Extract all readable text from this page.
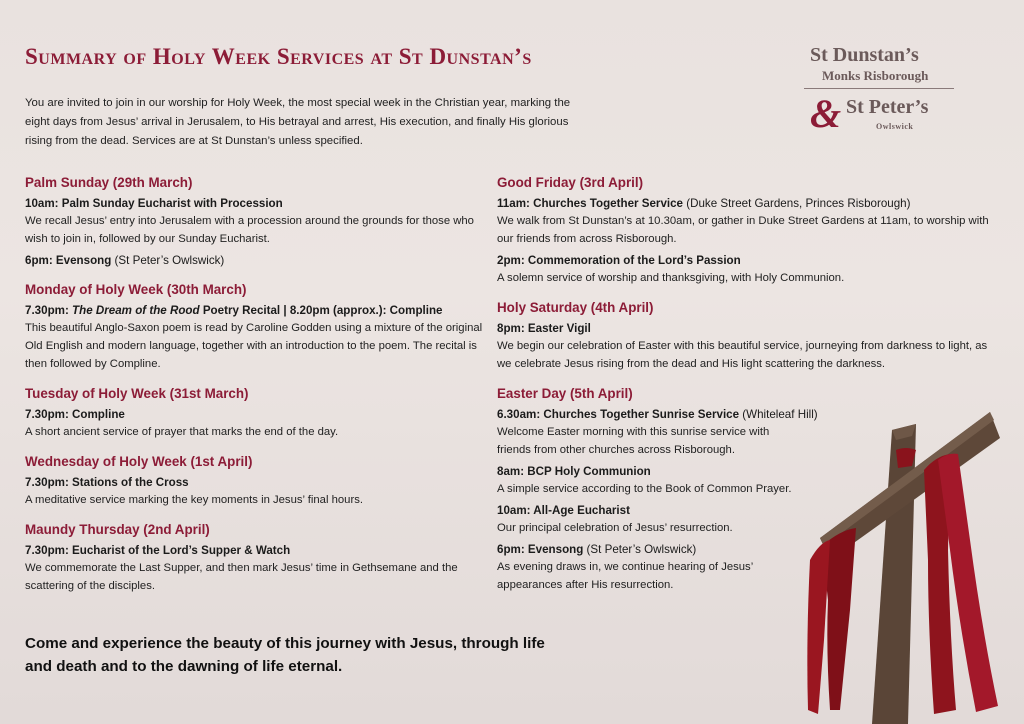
Summary of Holy Week Services at St Dunstan’s

You are invited to join in our worship for Holy Week, the most special week in the Christian year, marking the eight days from Jesus’ arrival in Jerusalem, to His betrayal and arrest, His execution, and finally His glorious rising from the dead. Services are at St Dunstan’s unless specified.

St Dunstan’s
Monks Risborough
& St Peter’s
Owlswick
Palm Sunday (29th March)

10am: Palm Sunday Eucharist with Procession

We recall Jesus’ entry into Jerusalem with a procession around the grounds for those who wish to join in, followed by our Sunday Eucharist.

6pm: Evensong (St Peter’s Owlswick)

Monday of Holy Week (30th March)

7.30pm: The Dream of the Rood Poetry Recital | 8.20pm (approx.): Compline

This beautiful Anglo-Saxon poem is read by Caroline Godden using a mixture of the original Old English and modern language, together with an introduction to the poem. The recital is then followed by Compline.

Tuesday of Holy Week (31st March)

7.30pm: Compline

A short ancient service of prayer that marks the end of the day.

Wednesday of Holy Week (1st April)

7.30pm: Stations of the Cross

A meditative service marking the key moments in Jesus’ final hours.

Maundy Thursday (2nd April)

7.30pm: Eucharist of the Lord’s Supper & Watch

We commemorate the Last Supper, and then mark Jesus’ time in Gethsemane and the scattering of the disciples.

Good Friday (3rd April)

11am: Churches Together Service (Duke Street Gardens, Princes Risborough)

We walk from St Dunstan’s at 10.30am, or gather in Duke Street Gardens at 11am, to worship with our friends from across Risborough.

2pm: Commemoration of the Lord’s Passion

A solemn service of worship and thanksgiving, with Holy Communion.

Holy Saturday (4th April)

8pm: Easter Vigil

We begin our celebration of Easter with this beautiful service, journeying from darkness to light, as we celebrate Jesus rising from the dead and His light scattering the darkness.

Easter Day (5th April)

6.30am: Churches Together Sunrise Service (Whiteleaf Hill)

Welcome Easter morning with this sunrise service with friends from other churches across Risborough.

8am: BCP Holy Communion

A simple service according to the Book of Common Prayer.

10am: All-Age Eucharist

Our principal celebration of Jesus’ resurrection.

6pm: Evensong (St Peter’s Owlswick)

As evening draws in, we continue hearing of Jesus’ appearances after His resurrection.

Come and experience the beauty of this journey with Jesus, through life and death and to the dawning of life eternal.
